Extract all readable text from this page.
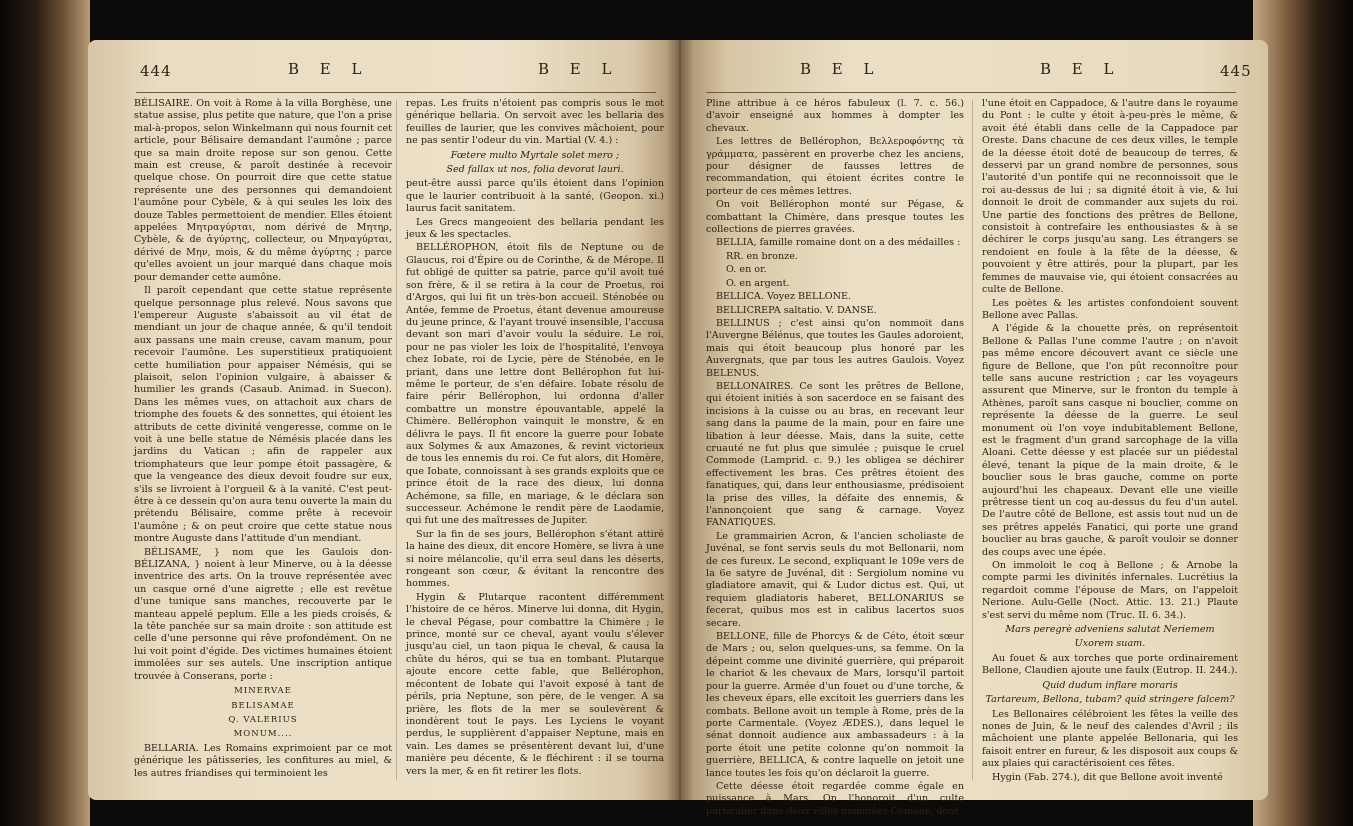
444	B E L	B E L

BÉLISAIRE. On voit à Rome à la villa Borghèse, une statue assise, plus petite que nature, que l'on a prise mal-à-propos, selon Winkelmann qui nous fournit cet article, pour Bélisaire demandant l'aumône ; parce que sa main droite repose sur son genou. Cette main est creuse, & paroît destinée à recevoir quelque chose. On pourroit dire que cette statue représente une des personnes qui demandoient l'aumône pour Cybèle, & à qui seules les loix des douze Tables permettoient de mendier. Elles étoient appelées Μητραγύρται, nom dérivé de Μητηρ, Cybèle, & de ἀγύρτης, collecteur, ou Μηναγύρται, dérivé de Μην, mois, & du même ἀγύρτης ; parce qu'elles avoient un jour marqué dans chaque mois pour demander cette aumône.

Il paroît cependant que cette statue représente quelque personnage plus relevé. Nous savons que l'empereur Auguste s'abaissoit au vil état de mendiant un jour de chaque année, & qu'il tendoit aux passans une main creuse, cavam manum, pour recevoir l'aumône. Les superstitieux pratiquoient cette humiliation pour appaiser Némésis, qui se plaisoit, selon l'opinion vulgaire, à abaisser & humilier les grands (Casaub. Animad. in Suecon). Dans les mêmes vues, on attachoit aux chars de triomphe des fouets & des sonnettes, qui étoient les attributs de cette divinité vengeresse, comme on le voit à une belle statue de Némésis placée dans les jardins du Vatican ; afin de rappeler aux triomphateurs que leur pompe étoit passagère, & que la vengeance des dieux devoit foudre sur eux, s'ils se livroient à l'orgueil & à la vanité. C'est peut-être à ce dessein qu'on aura tenu ouverte la main du prétendu Bélisaire, comme prête à recevoir l'aumône ; & on peut croire que cette statue nous montre Auguste dans l'attitude d'un mendiant.

BÉLISAME, } nom que les Gaulois don- BÉLIZANA, } noient à leur Minerve, ou à la déesse inventrice des arts. On la trouve représentée avec un casque orné d'une aigrette ; elle est revêtue d'une tunique sans manches, recouverte par le manteau appelé peplum. Elle a les pieds croisés, & la tête panchée sur sa main droite : son attitude est celle d'une personne qui rêve profondément. On ne lui voit point d'égide. Des victimes humaines étoient immolées sur ses autels. Une inscription antique trouvée à Conserans, porte :

MINERVAE

BELISAMAE

Q. VALERIUS

MONUM....

BELLARIA. Les Romains exprimoient par ce mot générique les pâtisseries, les confitures au miel, & les autres friandises qui terminoient les

repas. Les fruits n'étoient pas compris sous le mot générique bellaria. On servoit avec les bellaria des feuilles de laurier, que les convives mâchoient, pour ne pas sentir l'odeur du vin. Martial (V. 4.) :

Fœtere multo Myrtale solet mero ;

Sed fallax ut nos, folia devorat lauri.

peut-être aussi parce qu'ils étoient dans l'opinion que le laurier contribuoit à la santé, (Geopon. xi.) laurus facit sanitatem.

Les Grecs mangeoient des bellaria pendant les jeux & les spectacles.

BELLÉROPHON, étoit fils de Neptune ou de Glaucus, roi d'Épire ou de Corinthe, & de Mérope. Il fut obligé de quitter sa patrie, parce qu'il avoit tué son frère, & il se retira à la cour de Proetus, roi d'Argos, qui lui fit un très-bon accueil. Sténobée ou Antée, femme de Proetus, étant devenue amoureuse du jeune prince, & l'ayant trouvé insensible, l'accusa devant son mari d'avoir voulu la séduire. Le roi, pour ne pas violer les loix de l'hospitalité, l'envoya chez Iobate, roi de Lycie, père de Sténobée, en le priant, dans une lettre dont Bellérophon fut lui-même le porteur, de s'en défaire. Iobate résolu de faire périr Bellérophon, lui ordonna d'aller combattre un monstre épouvantable, appelé la Chimère. Bellérophon vainquit le monstre, & en délivra le pays. Il fit encore la guerre pour Iobate aux Solymes & aux Amazones, & revint victorieux de tous les ennemis du roi. Ce fut alors, dit Homère, que Iobate, connoissant à ses grands exploits que ce prince étoit de la race des dieux, lui donna Achémone, sa fille, en mariage, & le déclara son successeur. Achémone le rendit père de Laodamie, qui fut une des maîtresses de Jupiter.

Sur la fin de ses jours, Bellérophon s'étant attiré la haine des dieux, dit encore Homère, se livra à une si noire mélancolie, qu'il erra seul dans les déserts, rongeant son cœur, & évitant la rencontre des hommes.

Hygin & Plutarque racontent différemment l'histoire de ce héros. Minerve lui donna, dit Hygin, le cheval Pégase, pour combattre la Chimère ; le prince, monté sur ce cheval, ayant voulu s'élever jusqu'au ciel, un taon piqua le cheval, & causa la chûte du héros, qui se tua en tombant. Plutarque ajoute encore cette fable, que Bellérophon, mécontent de Iobate qui l'avoit exposé à tant de périls, pria Neptune, son père, de le venger. A sa prière, les flots de la mer se soulevèrent & inondèrent tout le pays. Les Lyciens le voyant perdus, le supplièrent d'appaiser Neptune, mais en vain. Les dames se présentèrent devant lui, d'une manière peu décente, & le fléchirent : il se tourna vers la mer, & en fit retirer les flots.

B E L	B E L	445

Pline attribue à ce héros fabuleux (l. 7. c. 56.) d'avoir enseigné aux hommes à dompter les chevaux.

Les lettres de Bellérophon, Βελλεροφόντης τὰ γράμματα, passèrent en proverbe chez les anciens, pour désigner de fausses lettres de recommandation, qui étoient écrites contre le porteur de ces mêmes lettres.

On voit Bellérophon monté sur Pégase, & combattant la Chimère, dans presque toutes les collections de pierres gravées.

BELLIA, famille romaine dont on a des médailles :

RR. en bronze.

O. en or.

O. en argent.

BELLICA. Voyez BELLONE.

BELLICREPA saltatio. V. DANSE.

BELLINUS ; c'est ainsi qu'on nommoit dans l'Auvergne Bélénus, que toutes les Gaules adoroient, mais qui étoit beaucoup plus honoré par les Auvergnats, que par tous les autres Gaulois. Voyez BELENUS.

BELLONAIRES. Ce sont les prêtres de Bellone, qui étoient initiés à son sacerdoce en se faisant des incisions à la cuisse ou au bras, en recevant leur sang dans la paume de la main, pour en faire une libation à leur déesse. Mais, dans la suite, cette cruauté ne fut plus que simulée ; puisque le cruel Commode (Lamprid. c. 9.) les obligea se déchirer effectivement les bras. Ces prêtres étoient des fanatiques, qui, dans leur enthousiasme, prédisoient la prise des villes, la défaite des ennemis, & l'annonçoient que sang & carnage. Voyez FANATIQUES.

Le grammairien Acron, & l'ancien scholiaste de Juvénal, se font servis seuls du mot Bellonarii, nom de ces fureux. Le second, expliquant le 109e vers de la 6e satyre de Juvénal, dit : Sergiolum nomine vu gladiatore amavit, qui & Ludor dictus est. Qui, ut requiem gladiatoris haberet, BELLONARIUS se fecerat, quibus mos est in calibus lacertos suos secare.

BELLONE, fille de Phorcys & de Céto, étoit sœur de Mars ; ou, selon quelques-uns, sa femme. On la dépeint comme une divinité guerrière, qui préparoit le chariot & les chevaux de Mars, lorsqu'il partoit pour la guerre. Armée d'un fouet ou d'une torche, & les cheveux épars, elle excitoit les guerriers dans les combats. Bellone avoit un temple à Rome, près de la porte Carmentale. (Voyez ÆDES.), dans lequel le sénat donnoit audience aux ambassadeurs : à la porte étoit une petite colonne qu'on nommoit la guerrière, BELLICA, & contre laquelle on jetoit une lance toutes les fois qu'on déclaroit la guerre.

Cette déesse étoit regardée comme égale en puissance à Mars. On l'honoroit d'un culte particulier dans deux villes nommées Comane, dont

l'une étoit en Cappadoce, & l'autre dans le royaume du Pont : le culte y étoit à-peu-près le même, & avoit été établi dans celle de la Cappadoce par Oreste. Dans chacune de ces deux villes, le temple de la déesse étoit doté de beaucoup de terres, & desservi par un grand nombre de personnes, sous l'autorité d'un pontife qui ne reconnoissoit que le roi au-dessus de lui ; sa dignité étoit à vie, & lui donnoit le droit de commander aux sujets du roi. Une partie des fonctions des prêtres de Bellone, consistoit à contrefaire les enthousiastes & à se déchirer le corps jusqu'au sang. Les étrangers se rendoient en foule à la fête de la déesse, & pouvoient y être attirés, pour la plupart, par les femmes de mauvaise vie, qui étoient consacrées au culte de Bellone.

Les poètes & les artistes confondoient souvent Bellone avec Pallas.

A l'égide & la chouette près, on représentoit Bellone & Pallas l'une comme l'autre ; on n'avoit pas même encore découvert avant ce siècle une figure de Bellone, que l'on pût reconnoître pour telle sans aucune restriction ; car les voyageurs assurent que Minerve, sur le fronton du temple à Athènes, paroît sans casque ni bouclier, comme on représente la déesse de la guerre. Le seul monument où l'on voye indubitablement Bellone, est le fragment d'un grand sarcophage de la villa Aloani. Cette déesse y est placée sur un piédestal élevé, tenant la pique de la main droite, & le bouclier sous le bras gauche, comme on porte aujourd'hui les chapeaux. Devant elle une vieille prêtresse tient un coq au-dessus du feu d'un autel. De l'autre côté de Bellone, est assis tout nud un de ses prêtres appelés Fanatici, qui porte une grand bouclier au bras gauche, & paroît vouloir se donner des coups avec une épée.

On immoloit le coq à Bellone ; & Arnobe la compte parmi les divinités infernales. Lucrétius la regardoit comme l'épouse de Mars, on l'appeloit Nerione. Aulu-Gelle (Noct. Attic. 13. 21.) Plaute s'est servi du même nom (Truc. II. 6. 34.).

Mars peregrè adveniens salutat Neriemem

Uxorem suam.

Au fouet & aux torches que porte ordinairement Bellone, Claudien ajoute une faulx (Eutrop. II. 244.).

Quid dudum inflare moraris

Tartareum, Bellona, tubam? quid stringere falcem?

Les Bellonaires célébroient les fêtes la veille des nones de Juin, & le neuf des calendes d'Avril ; ils mâchoient une plante appelée Bellonaria, qui les faisoit entrer en fureur, & les disposoit aux coups & aux plaies qui caractérisoient ces fêtes.

Hygin (Fab. 274.), dit que Bellone avoit inventé
